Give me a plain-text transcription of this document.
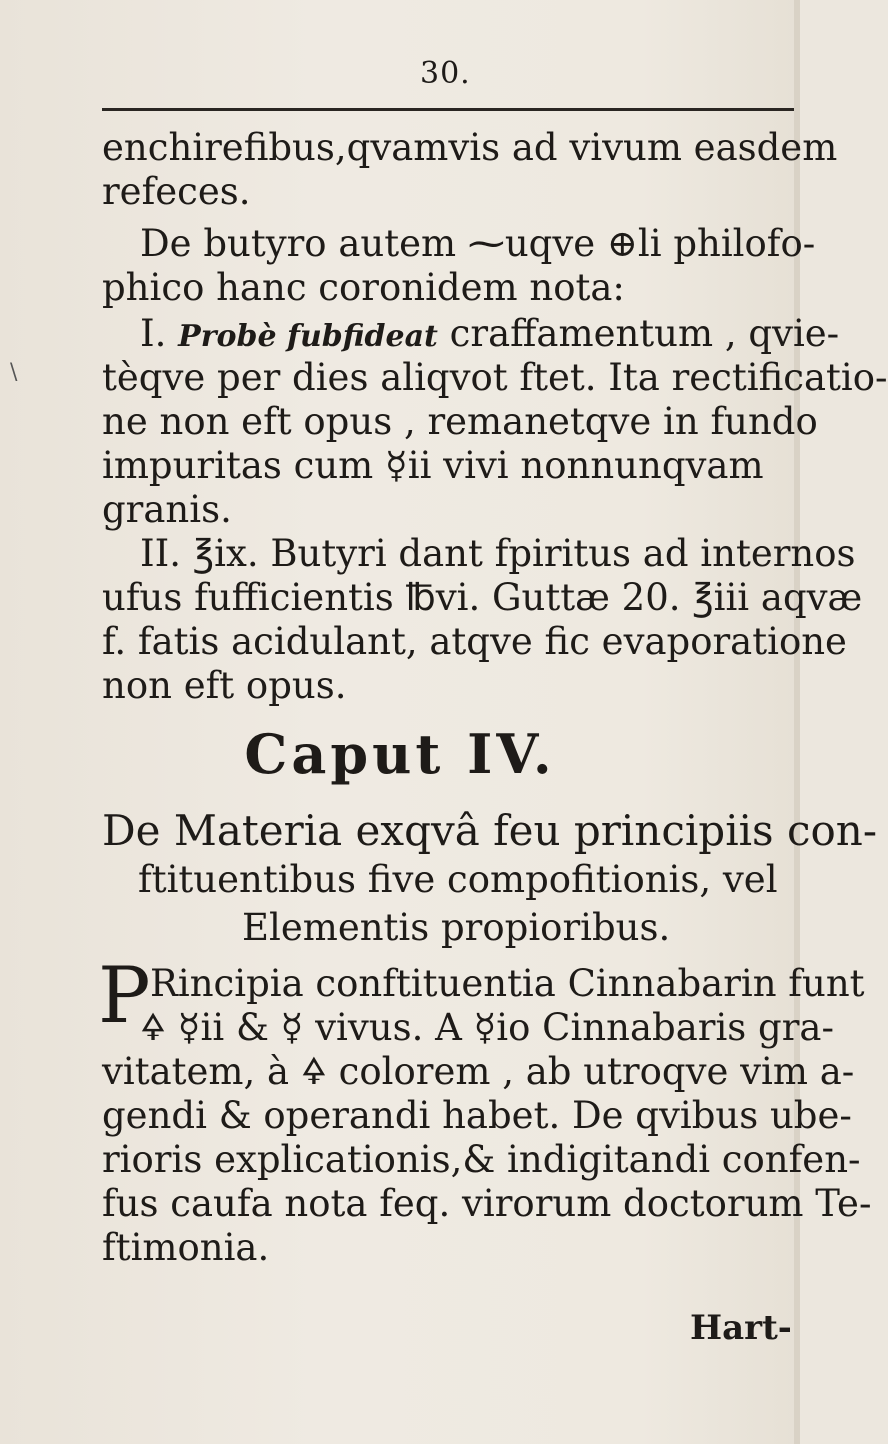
30.
\
enchirefibus,qvamvis ad vivum easdem
refeces.
De butyro autem ⁓uqve ⊕li philofo-
phico hanc coronidem nota:
I. Probè fubfideat craffamentum , qvie-
tèqve per dies aliqvot ftet. Ita rectificatio-
ne non eft opus , remanetqve in fundo
impuritas cum ☿ii vivi nonnunqvam
granis.
II. ℥ix. Butyri dant fpiritus ad internos
ufus fufficientis ℔vi. Guttæ 20. ℥iii aqvæ
f. fatis acidulant, atqve fic evaporatione
non eft opus.
Caput IV.
De Materia exqvâ feu principiis con-
ftituentibus five compofitionis, vel
Elementis propioribus.
P Rincipia conftituentia Cinnabarin funt
🜍 ☿ii & ☿ vivus. A ☿io Cinnabaris gra-
vitatem, à 🜍 colorem , ab utroqve vim a-
gendi & operandi habet. De qvibus ube-
rioris explicationis,& indigitandi confen-
fus caufa nota feq. virorum doctorum Te-
ftimonia.
Hart-
